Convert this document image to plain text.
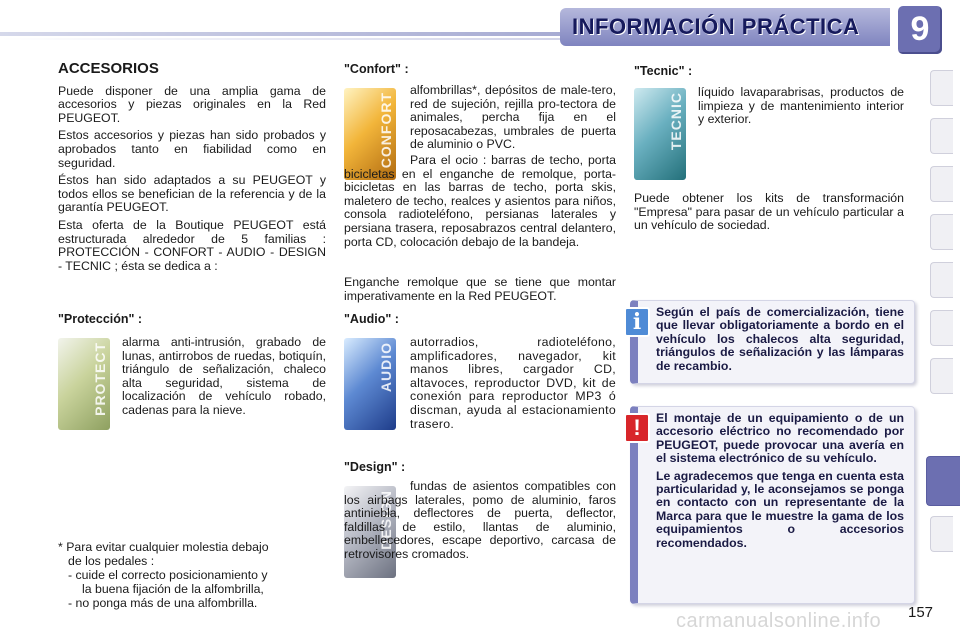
INFORMACIÓN PRÁCTICA	9
ACCESORIOS

Puede disponer de una amplia gama de accesorios y piezas originales en la Red PEUGEOT.

Estos accesorios y piezas han sido probados y aprobados tanto en fiabilidad como en seguridad.

Éstos han sido adaptados a su PEUGEOT y todos ellos se benefician de la referencia y de la garantía PEUGEOT.

Esta oferta de la Boutique PEUGEOT está estructurada alrededor de 5 familias : PROTECCIÓN - CONFORT - AUDIO - DESIGN - TECNIC ; ésta se dedica a :

"Protección" :
PROTECT alarma anti-intrusión, grabado de lunas, antirrobos de ruedas, botiquín, triángulo de señalización, chaleco alta seguridad, sistema de localización de vehículo robado, cadenas para la nieve.
* Para evitar cualquier molestia debajo
de los pedales :
- cuide el correcto posicionamiento y
la buena fijación de la alfombrilla,
- no ponga más de una alfombrilla.
"Confort" :
CONFORT
alfombrillas*, depósitos de male-tero, red de sujeción, rejilla pro-tectora de animales, percha fija en el reposacabezas, umbrales de puerta de aluminio o PVC.
Para el ocio : barras de techo, porta bicicletas en el enganche de remolque, porta-bicicletas en las barras de techo, porta skis, maletero de techo, realces y asientos para niños, consola radioteléfono, persianas laterales y persiana trasera, reposabrazos central delantero, porta CD, colocación debajo de la bandeja.
Enganche remolque que se tiene que montar imperativamente en la Red PEUGEOT.
"Audio" :
AUDIO autorradios, radioteléfono, amplificadores, navegador, kit manos libres, cargador CD, altavoces, reproductor DVD, kit de conexión para reproductor MP3 ó discman, ayuda al estacionamiento trasero.
"Design" :
DESIGN
fundas de asientos compatibles con los airbags laterales, pomo de aluminio, faros antiniebla, deflectores de puerta, deflector, faldillas de estilo, llantas de aluminio, embellecedores, escape deportivo, carcasa de retrovisores cromados.
"Tecnic" :
TECNIC líquido lavaparabrisas, productos de limpieza y de mantenimiento interior y exterior.
Puede obtener los kits de transformación "Empresa" para pasar de un vehículo particular a un vehículo de sociedad.
i	Según el país de comercialización, tiene que llevar obligatoriamente a bordo en el vehículo los chalecos alta seguridad, triángulos de señalización y las lámparas de recambio.

!	El montaje de un equipamiento o de un accesorio eléctrico no recomendado por PEUGEOT, puede provocar una avería en el sistema electrónico de su vehículo.

Le agradecemos que tenga en cuenta esta particularidad y, le aconsejamos se ponga en contacto con un representante de la Marca para que le muestre la gama de los equipamientos o accesorios recomendados.

carmanualsonline.info 157
